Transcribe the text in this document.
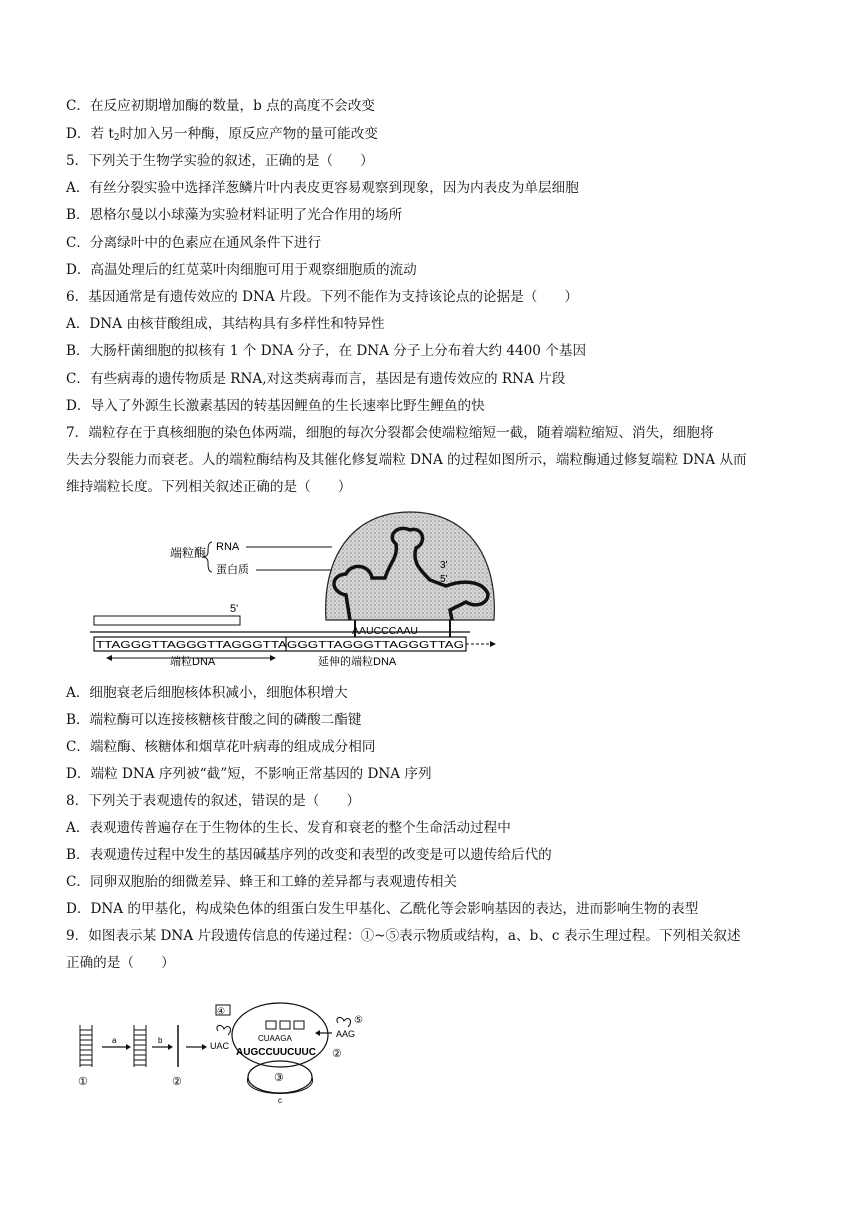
C．在反应初期增加酶的数量，b 点的高度不会改变
D．若 $t_2$时加入另一种酶，原反应产物的量可能改变
5．下列关于生物学实验的叙述，正确的是（　　）
A．有丝分裂实验中选择洋葱鳞片叶内表皮更容易观察到现象，因为内表皮为单层细胞
B．恩格尔曼以小球藻为实验材料证明了光合作用的场所
C．分离绿叶中的色素应在通风条件下进行
D．高温处理后的红苋菜叶肉细胞可用于观察细胞质的流动
6．基因通常是有遗传效应的 DNA 片段。下列不能作为支持该论点的论据是（　　）
A．DNA 由核苷酸组成，其结构具有多样性和特异性
B．大肠杆菌细胞的拟核有 1 个 DNA 分子，在 DNA 分子上分布着大约 4400 个基因
C．有些病毒的遗传物质是 RNA,对这类病毒而言，基因是有遗传效应的 RNA 片段
D．导入了外源生长激素基因的转基因鲤鱼的生长速率比野生鲤鱼的快
7．端粒存在于真核细胞的染色体两端，细胞的每次分裂都会使端粒缩短一截，随着端粒缩短、消失，细胞将
失去分裂能力而衰老。人的端粒酶结构及其催化修复端粒 DNA 的过程如图所示，端粒酶通过修复端粒 DNA 从而
维持端粒长度。下列相关叙述正确的是（　　）
3'
5'
端粒酶 RNA
蛋白质
5'
AAUCCCAAU
TTAGGGTTAGGGTTAGGGTTAGGGTTAGGGTTAGGGTTAG
端粒DNA	延伸的端粒DNA
A．细胞衰老后细胞核体积减小，细胞体积增大
B．端粒酶可以连接核糖核苷酸之间的磷酸二酯键
C．端粒酶、核糖体和烟草花叶病毒的组成成分相同
D．端粒 DNA 序列被“截”短，不影响正常基因的 DNA 序列
8．下列关于表观遗传的叙述，错误的是（　　）
A．表观遗传普遍存在于生物体的生长、发育和衰老的整个生命活动过程中
B．表观遗传过程中发生的基因碱基序列的改变和表型的改变是可以遗传给后代的
C．同卵双胞胎的细微差异、蜂王和工蜂的差异都与表观遗传相关
D．DNA 的甲基化，构成染色体的组蛋白发生甲基化、乙酰化等会影响基因的表达，进而影响生物的表型
9．如图表示某 DNA 片段遗传信息的传递过程：①~⑤表示物质或结构，a、b、c 表示生理过程。下列相关叙述
正确的是（　　）
①
a	b
②	③
④
UAC
CUAAGA
AUGCCUUCUUC
AAG
⑤
②
c
